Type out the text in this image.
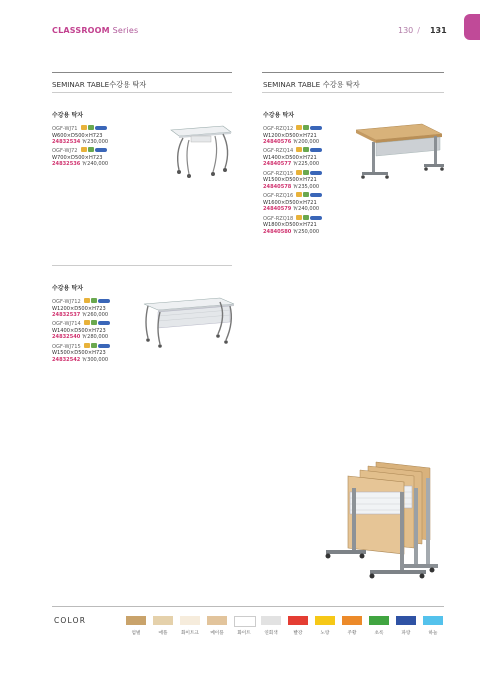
CLASSROOM Series	130 / 131
SEMINAR TABLE수강용 탁자	SEMINAR TABLE 수강용 탁자
수강용 탁자
OGF-WJ71
W600×D500×H723
24832534 ￦230,000
OGF-WJ72
W700×D500×H723
24832536 ￦240,000
수강용 탁자
OGF-RZQ12
W1200×D500×H721
24840576 ￦200,000
OGF-RZQ14
W1400×D500×H721
24840577 ￦225,000
OGF-RZQ15
W1500×D500×H721
24840578 ￦235,000
OGF-RZQ16
W1600×D500×H721
24840579 ￦240,000
OGF-RZQ18
W1800×D500×H721
24840580 ￦250,000
수강용 탁자
OGF-WJ712
W1200×D500×H723
24832537 ￦260,000
OGF-WJ714
W1400×D500×H723
24832540 ￦280,000
OGF-WJ715
W1500×D500×H723
24832542 ￦300,000
COLOR
엄벌	애플	화이트크	메이플	화이트	연회색	빨강	노랑	주황	초록	파랑	하늘
